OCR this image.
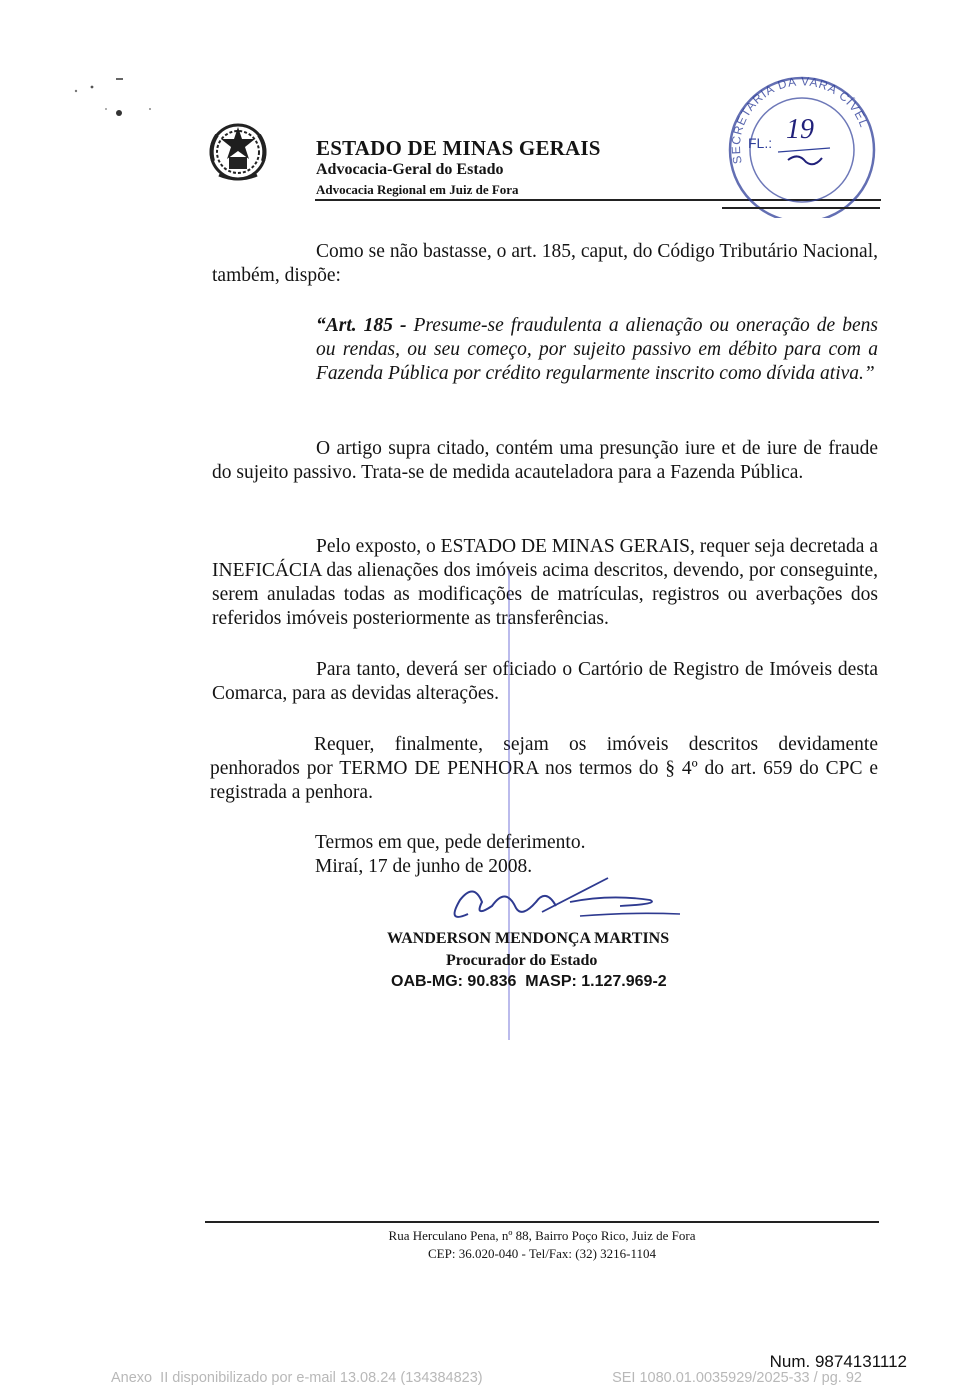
ESTADO DE MINAS GERAIS
Advocacia-Geral do Estado
Advocacia Regional em Juiz de Fora
SECRETARIA DA VARA CÍVEL
FL.: 19
Como se não bastasse, o art. 185, caput, do Código Tributário Nacional, também, dispõe:
“Art. 185 - Presume-se fraudulenta a alienação ou oneração de bens ou rendas, ou seu começo, por sujeito passivo em débito para com a Fazenda Pública por crédito regularmente inscrito como dívida ativa.”
O artigo supra citado, contém uma presunção iure et de iure de fraude do sujeito passivo. Trata-se de medida acauteladora para a Fazenda Pública.
Pelo exposto, o ESTADO DE MINAS GERAIS, requer seja decretada a INEFICÁCIA das alienações dos imóveis acima descritos, devendo, por conseguinte, serem anuladas todas as modificações de matrículas, registros ou averbações dos referidos imóveis posteriormente as transferências.
Para tanto, deverá ser oficiado o Cartório de Registro de Imóveis desta Comarca, para as devidas alterações.
Requer, finalmente, sejam os imóveis descritos devidamente penhorados por TERMO DE PENHORA nos termos do § 4º do art. 659 do CPC e registrada a penhora.
Termos em que, pede deferimento.
Miraí, 17 de junho de 2008.
WANDERSON MENDONÇA MARTINS
Procurador do Estado
OAB-MG: 90.836  MASP: 1.127.969-2
Rua Herculano Pena, nº 88, Bairro Poço Rico, Juiz de Fora
CEP: 36.020-040 - Tel/Fax: (32) 3216-1104
Num. 9874131112
Anexo  II disponibilizado por e-mail 13.08.24 (134384823)	SEI 1080.01.0035929/2025-33 / pg. 92
